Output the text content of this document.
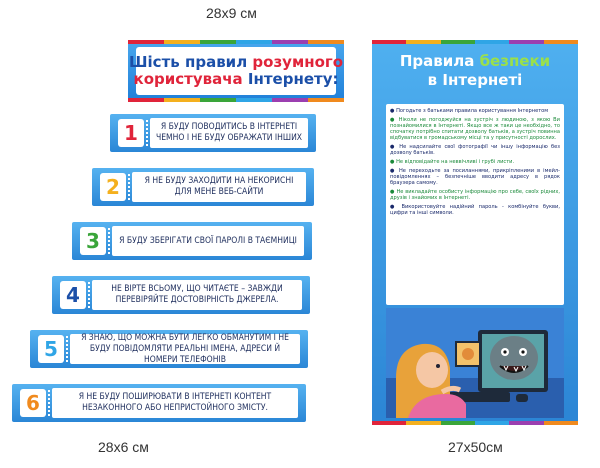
28x9 см
28x6 см	27x50см
Шість правил розумного
користувача Інтернету:
1	Я БУДУ ПОВОДИТИСЬ В ІНТЕРНЕТІ ЧЕМНО І НЕ БУДУ ОБРАЖАТИ ІНШИХ
2	Я НЕ БУДУ ЗАХОДИТИ НА НЕКОРИСНІ ДЛЯ МЕНЕ ВЕБ-САЙТИ
3	Я БУДУ ЗБЕРІГАТИ СВОЇ ПАРОЛІ В ТАЄМНИЦІ
4	НЕ ВІРТЕ ВСЬОМУ, ЩО ЧИТАЄТЕ – ЗАВЖДИ ПЕРЕВІРЯЙТЕ ДОСТОВІРНІСТЬ ДЖЕРЕЛА.
5	Я ЗНАЮ, ЩО МОЖНА БУТИ ЛЕГКО ОБМАНУТИМ І НЕ БУДУ ПОВІДОМЛЯТИ РЕАЛЬНІ ІМЕНА, АДРЕСИ Й НОМЕРИ ТЕЛЕФОНІВ
6	Я НЕ БУДУ ПОШИРЮВАТИ В ІНТЕРНЕТІ КОНТЕНТ НЕЗАКОННОГО АБО НЕПРИСТОЙНОГО ЗМІСТУ.
Правила безпеки
в Інтернеті
● Погодьте з батьками правила користування Інтернетом
● Ніколи не погоджуйся на зустріч з людиною, з якою Ви познайомилися в Інтернеті. Якщо все ж таки це необхідно, то спочатку потрібно спитати дозволу батьків, а зустріч повинна відбуватися в громадському місці та у присутності дорослих.
● Не надсилайте свої фотографії чи іншу інформацію без дозволу батьків.
● Не відповідайте на неввічливі і грубі листи.
● Не переходьте за посиланнями, прикріпленими в імейл-повідомленнях – безпечніше вводити адресу в рядок браузера самому.
● Не викладайте особисту інформацію про себе, своїх рідних, друзів і знайомих в Інтернеті.
● Використовуйте надійний пароль - комбінуйте букви, цифри та інші символи.
